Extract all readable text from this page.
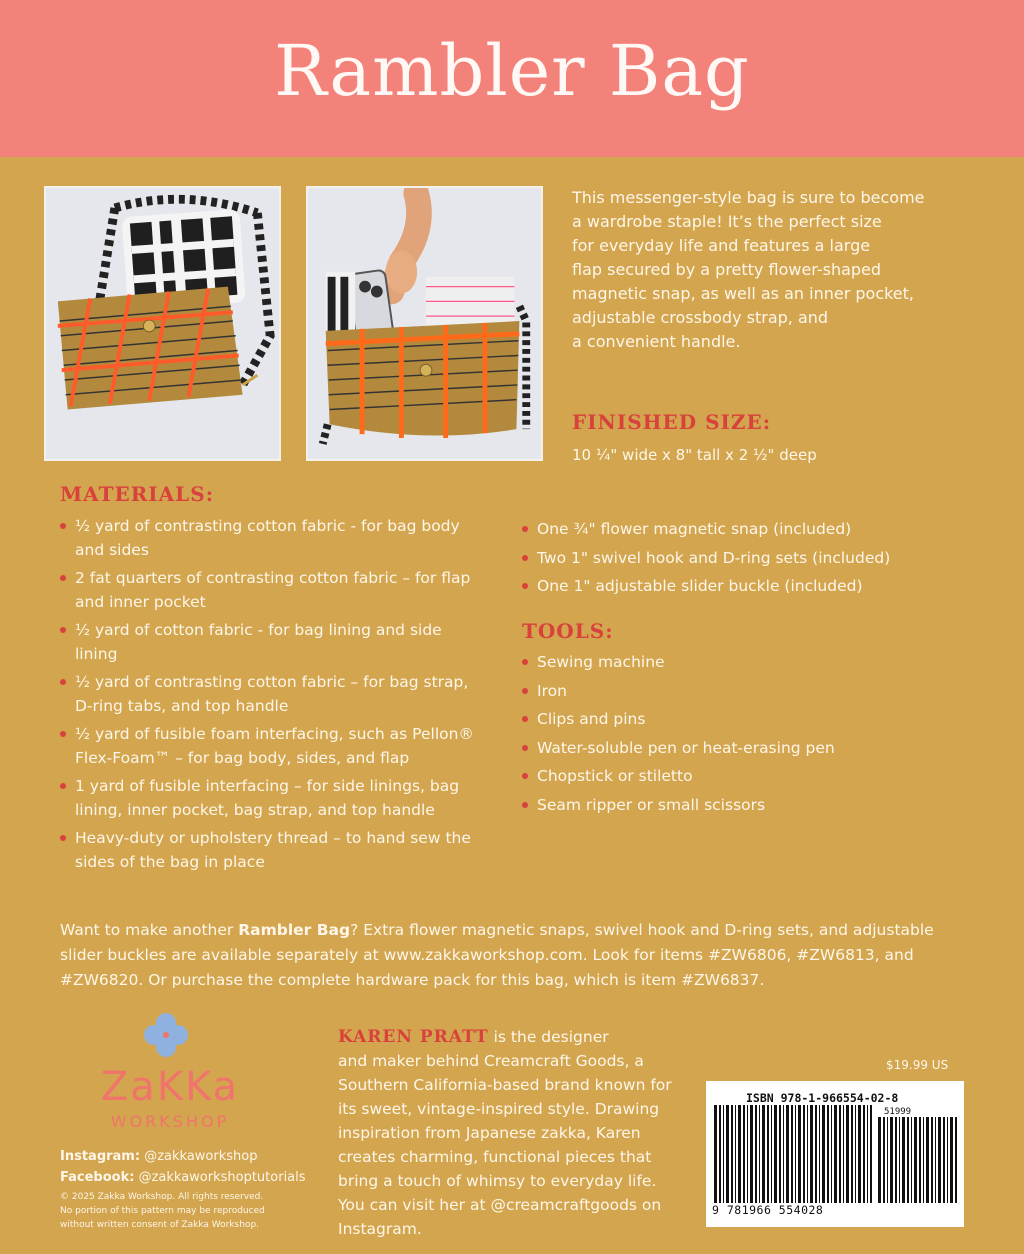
Rambler Bag
This messenger-style bag is sure to become
a wardrobe staple! It’s the perfect size
for everyday life and features a large
flap secured by a pretty flower-shaped
magnetic snap, as well as an inner pocket,
adjustable crossbody strap, and
a convenient handle.
FINISHED SIZE:
10 ¼" wide x 8" tall x 2 ½" deep
MATERIALS:
½ yard of contrasting cotton fabric - for bag body
and sides
2 fat quarters of contrasting cotton fabric – for flap
and inner pocket
½ yard of cotton fabric - for bag lining and side
lining
½ yard of contrasting cotton fabric – for bag strap,
D-ring tabs, and top handle
½ yard of fusible foam interfacing, such as Pellon®
Flex-Foam™ – for bag body, sides, and flap
1 yard of fusible interfacing – for side linings, bag
lining, inner pocket, bag strap, and top handle
Heavy-duty or upholstery thread – to hand sew the
sides of the bag in place
One ¾" flower magnetic snap (included)
Two 1" swivel hook and D-ring sets (included)
One 1" adjustable slider buckle (included)
TOOLS:
Sewing machine
Iron
Clips and pins
Water-soluble pen or heat-erasing pen
Chopstick or stiletto
Seam ripper or small scissors
Want to make another Rambler Bag? Extra flower magnetic snaps, swivel hook and D-ring sets, and adjustable
slider buckles are available separately at www.zakkaworkshop.com. Look for items #ZW6806, #ZW6813, and
#ZW6820. Or purchase the complete hardware pack for this bag, which is item #ZW6837.
ZaKKa
WORKSHOP
Instagram: @zakkaworkshop
Facebook: @zakkaworkshoptutorials
© 2025 Zakka Workshop. All rights reserved.
No portion of this pattern may be reproduced
without written consent of Zakka Workshop.
KAREN PRATT is the designer
and maker behind Creamcraft Goods, a
Southern California-based brand known for
its sweet, vintage-inspired style. Drawing
inspiration from Japanese zakka, Karen
creates charming, functional pieces that
bring a touch of whimsy to everyday life.
You can visit her at @creamcraftgoods on
Instagram.
$19.99 US
ISBN 978-1-966554-02-8
51999
9 781966 554028
